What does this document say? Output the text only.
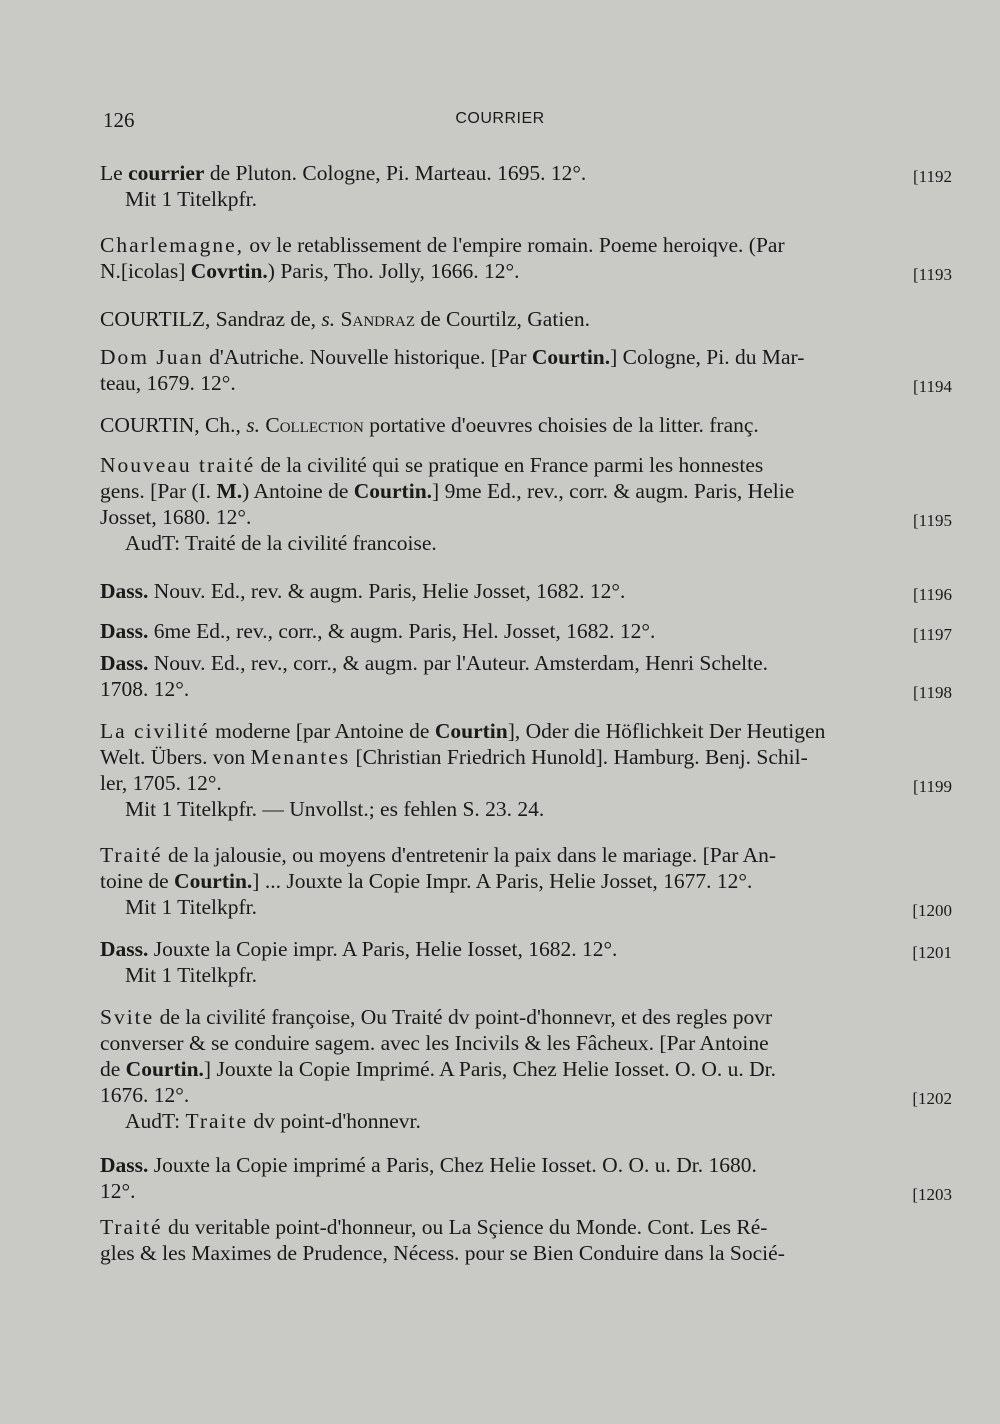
126	COURRIER
Le courrier de Pluton. Cologne, Pi. Marteau. 1695. 12°.	[1192
Mit 1 Titelkpfr.
Charlemagne, ov le retablissement de l'empire romain. Poeme heroiqve. (Par
N.[icolas] Covrtin.) Paris, Tho. Jolly, 1666. 12°.	[1193
COURTILZ, Sandraz de, s. Sandraz de Courtilz, Gatien.
Dom Juan d'Autriche. Nouvelle historique. [Par Courtin.] Cologne, Pi. du Mar-
teau, 1679. 12°.	[1194
COURTIN, Ch., s. Collection portative d'oeuvres choisies de la litter. franç.
Nouveau traité de la civilité qui se pratique en France parmi les honnestes
gens. [Par (I. M.) Antoine de Courtin.] 9me Ed., rev., corr. & augm. Paris, Helie
Josset, 1680. 12°.	[1195
AudT: Traité de la civilité francoise.
Dass. Nouv. Ed., rev. & augm. Paris, Helie Josset, 1682. 12°.	[1196
Dass. 6me Ed., rev., corr., & augm. Paris, Hel. Josset, 1682. 12°.	[1197
Dass. Nouv. Ed., rev., corr., & augm. par l'Auteur. Amsterdam, Henri Schelte.
1708. 12°.	[1198
La civilité moderne [par Antoine de Courtin], Oder die Höflichkeit Der Heutigen
Welt. Übers. von Menantes [Christian Friedrich Hunold]. Hamburg. Benj. Schil-
ler, 1705. 12°.	[1199
Mit 1 Titelkpfr. — Unvollst.; es fehlen S. 23. 24.
Traité de la jalousie, ou moyens d'entretenir la paix dans le mariage. [Par An-
toine de Courtin.] ... Jouxte la Copie Impr. A Paris, Helie Josset, 1677. 12°.
Mit 1 Titelkpfr.	[1200
Dass. Jouxte la Copie impr. A Paris, Helie Iosset, 1682. 12°.	[1201
Mit 1 Titelkpfr.
Svite de la civilité françoise, Ou Traité dv point-d'honnevr, et des regles povr
converser & se conduire sagem. avec les Incivils & les Fâcheux. [Par Antoine
de Courtin.] Jouxte la Copie Imprimé. A Paris, Chez Helie Iosset. O. O. u. Dr.
1676. 12°.	[1202
AudT: Traite dv point-d'honnevr.
Dass. Jouxte la Copie imprimé a Paris, Chez Helie Iosset. O. O. u. Dr. 1680.
12°.	[1203
Traité du veritable point-d'honneur, ou La Sçience du Monde. Cont. Les Ré-
gles & les Maximes de Prudence, Nécess. pour se Bien Conduire dans la Socié-
